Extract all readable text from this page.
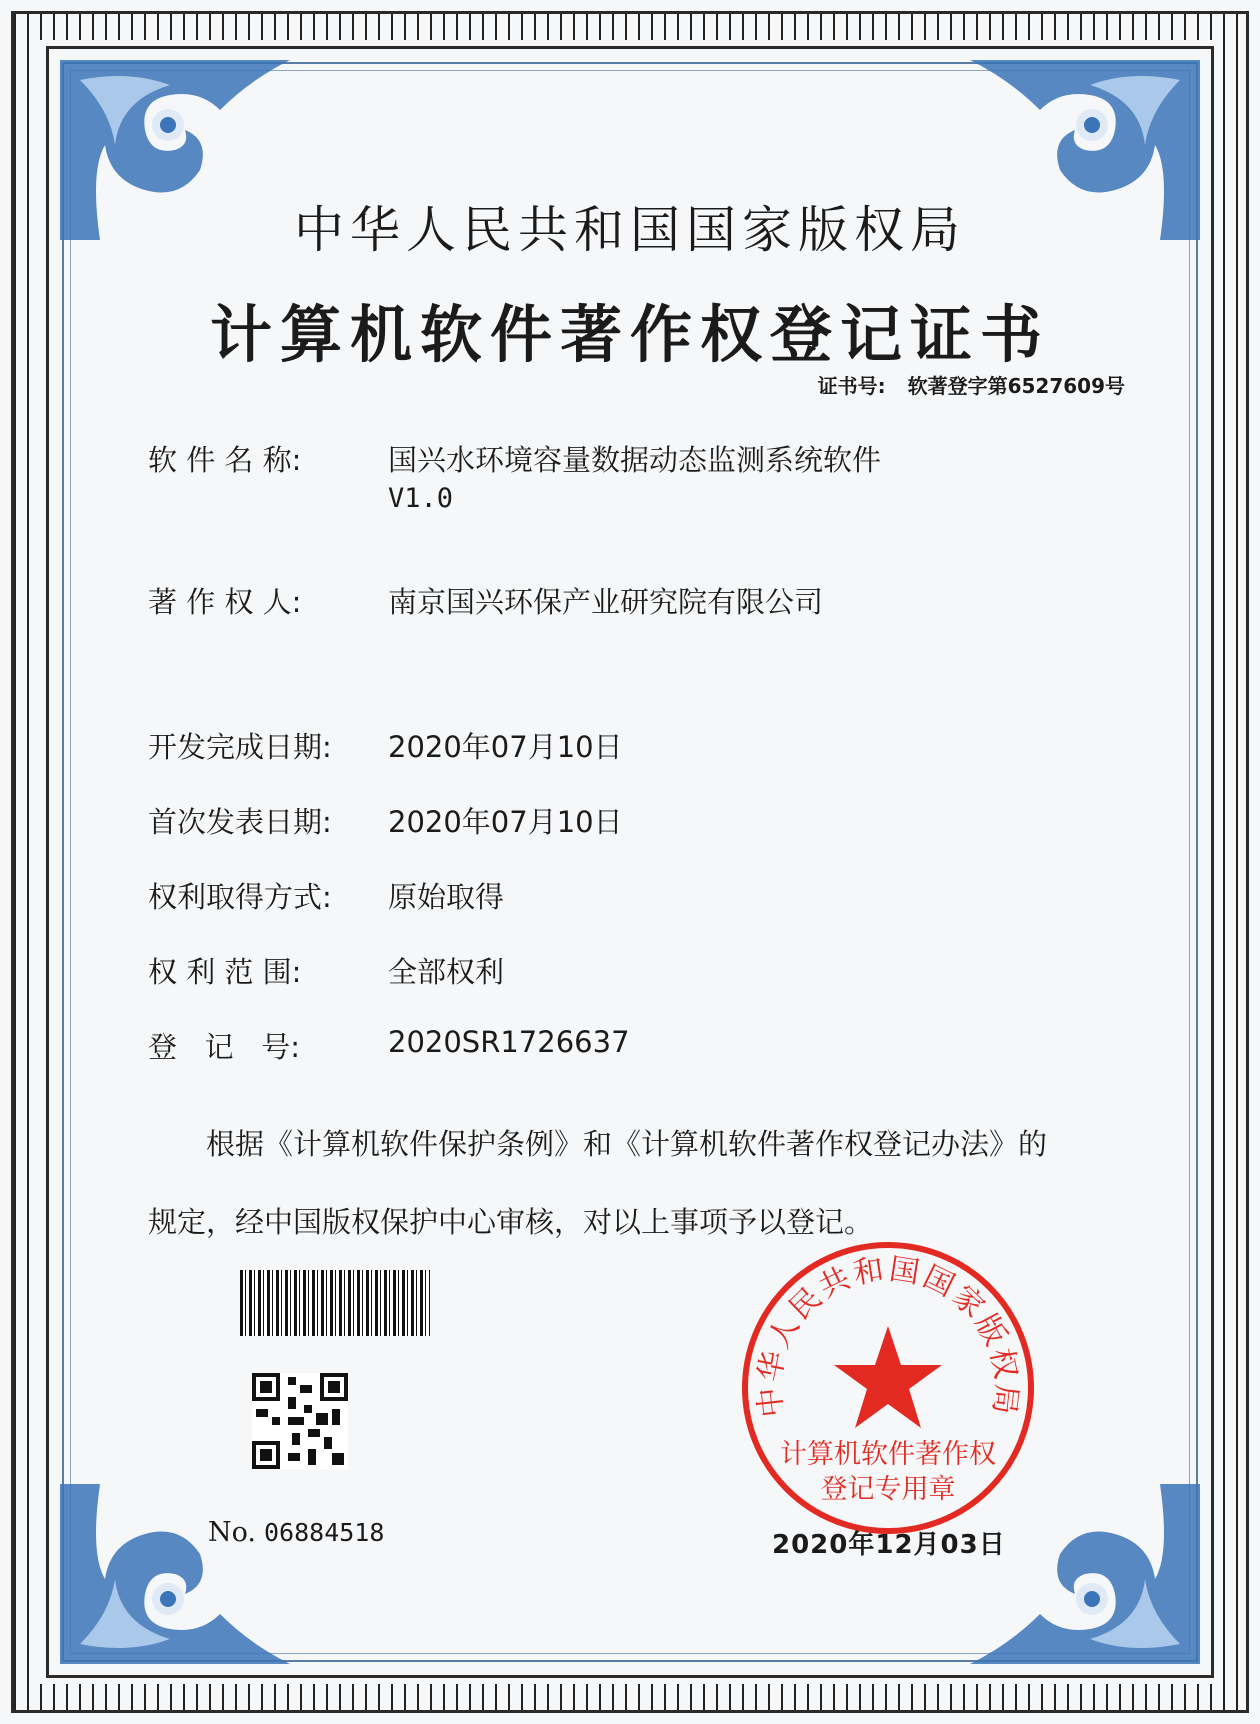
中华人民共和国国家版权局
计算机软件著作权登记证书
证书号: 软著登字第6527609号
软 件 名 称:	国兴水环境容量数据动态监测系统软件
V1.0
著 作 权 人:	南京国兴环保产业研究院有限公司
开发完成日期:	2020年07月10日
首次发表日期:	2020年07月10日
权利取得方式:	原始取得
权 利 范 围:	全部权利
登   记   号:	2020SR1726637
根据《计算机软件保护条例》和《计算机软件著作权登记办法》的
规定，经中国版权保护中心审核，对以上事项予以登记。
No. 06884518
中华人民共和国国家版权局
计算机软件著作权
登记专用章
2020年12月03日
